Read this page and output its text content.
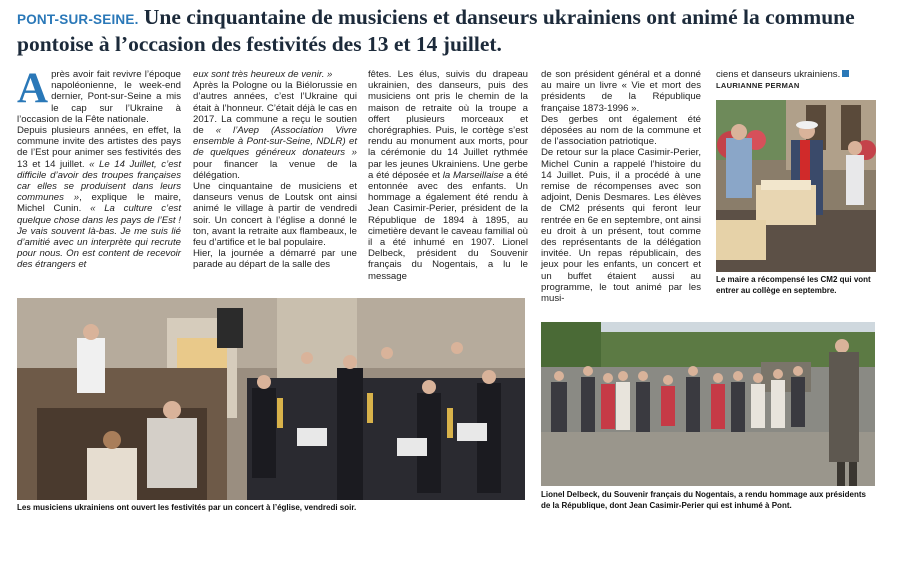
PONT-SUR-SEINE. Une cinquantaine de musiciens et danseurs ukrainiens ont animé la commune pontoise à l’occasion des festivités des 13 et 14 juillet.

Après avoir fait revivre l’époque napoléonienne, le week-end dernier, Pont-sur-Seine a mis le cap sur l’Ukraine à l’occasion de la Fête nationale.

Depuis plusieurs années, en effet, la commune invite des artistes des pays de l’Est pour animer ses festivités des 13 et 14 juillet. « Le 14 Juillet, c’est difficile d’avoir des troupes françaises car elles se produisent dans leurs communes », explique le maire, Michel Cunin. « La culture c’est quelque chose dans les pays de l’Est ! Je vais souvent là-bas. Je me suis lié d’amitié avec un interprète qui recrute pour nous. On est content de recevoir des étrangers et

eux sont très heureux de venir. »

Après la Pologne ou la Biélorussie en d’autres années, c’est l’Ukraine qui était à l’honneur. C’était déjà le cas en 2017. La commune a reçu le soutien de « l’Avep (Association Vivre ensemble à Pont-sur-Seine, NDLR) et de quelques généreux donateurs » pour financer la venue de la délégation.

Une cinquantaine de musiciens et danseurs venus de Loutsk ont ainsi animé le village à partir de vendredi soir. Un concert à l’église a donné le ton, avant la retraite aux flambeaux, le feu d’artifice et le bal populaire.

Hier, la journée a démarré par une parade au départ de la salle des

fêtes. Les élus, suivis du drapeau ukrainien, des danseurs, puis des musiciens ont pris le chemin de la maison de retraite où la troupe a offert plusieurs morceaux et chorégraphies. Puis, le cortège s’est rendu au monument aux morts, pour la cérémonie du 14 Juillet rythmée par les jeunes Ukrainiens. Une gerbe a été déposée et la Marseillaise a été entonnée avec des enfants. Un hommage a également été rendu à Jean Casimir-Perier, président de la République de 1894 à 1895, au cimetière devant le caveau familial où il a été inhumé en 1907. Lionel Delbeck, président du Souvenir français du Nogentais, a lu le message

de son président général et a donné au maire un livre « Vie et mort des présidents de la République française 1873-1996 ».

Des gerbes ont également été déposées au nom de la commune et de l’association patriotique.

De retour sur la place Casimir-Perier, Michel Cunin a rappelé l’histoire du 14 Juillet. Puis, il a procédé à une remise de récompenses avec son adjoint, Denis Desmares. Les élèves de CM2 présents qui feront leur rentrée en 6e en septembre, ont ainsi eu droit à un présent, tout comme des représentants de la délégation invitée. Un repas républicain, des jeux pour les enfants, un concert et un buffet étaient aussi au programme, le tout animé par les musi-

ciens et danseurs ukrainiens.

LAURIANNE PERMAN

Le maire a récompensé les CM2 qui vont entrer au collège en septembre.

Les musiciens ukrainiens ont ouvert les festivités par un concert à l’église, vendredi soir.

Lionel Delbeck, du Souvenir français du Nogentais, a rendu hommage aux présidents de la République, dont Jean Casimir-Perier qui est inhumé à Pont.
